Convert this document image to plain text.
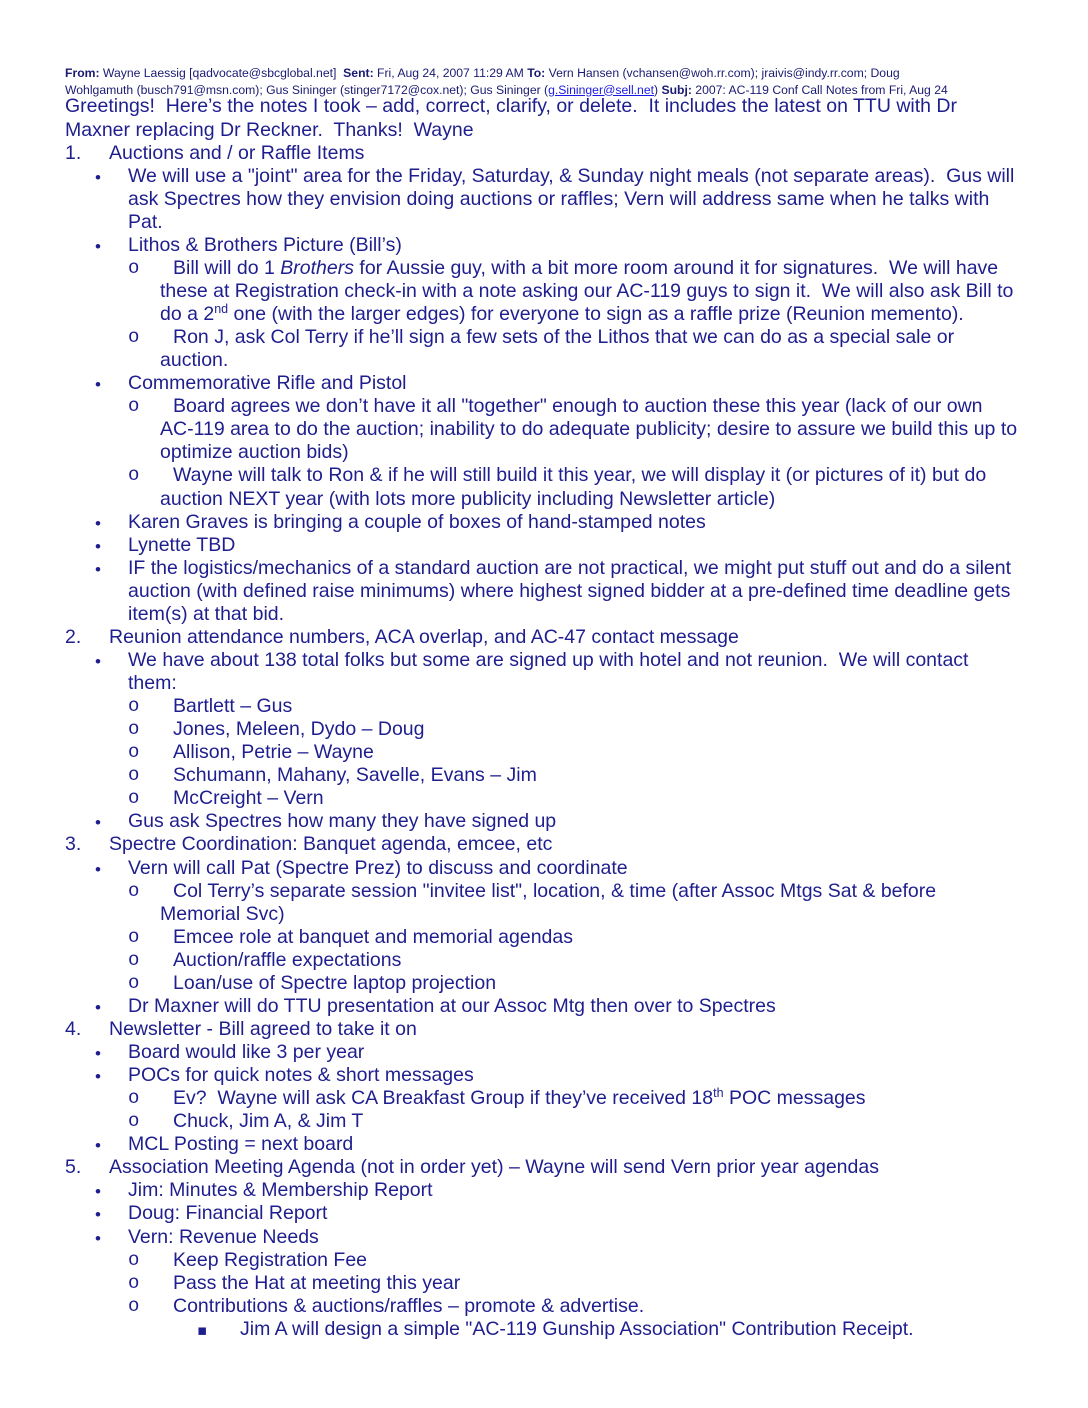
From: Wayne Laessig [qadvocate@sbcglobal.net]  Sent: Fri, Aug 24, 2007 11:29 AM To: Vern Hansen (vchansen@woh.rr.com); jraivis@indy.rr.com; Doug
Wohlgamuth (busch791@msn.com); Gus Sininger (stinger7172@cox.net); Gus Sininger (g.Sininger@sell.net) Subj: 2007: AC-119 Conf Call Notes from Fri, Aug 24
Greetings!  Here’s the notes I took – add, correct, clarify, or delete.  It includes the latest on TTU with Dr
Maxner replacing Dr Reckner.  Thanks!  Wayne
1. Auctions and / or Raffle Items
• We will use a "joint" area for the Friday, Saturday, & Sunday night meals (not separate areas).  Gus will
ask Spectres how they envision doing auctions or raffles; Vern will address same when he talks with
Pat.
• Lithos & Brothers Picture (Bill’s)
o Bill will do 1 Brothers for Aussie guy, with a bit more room around it for signatures.  We will have
these at Registration check-in with a note asking our AC-119 guys to sign it.  We will also ask Bill to
do a 2nd one (with the larger edges) for everyone to sign as a raffle prize (Reunion memento).
o Ron J, ask Col Terry if he’ll sign a few sets of the Lithos that we can do as a special sale or
auction.
• Commemorative Rifle and Pistol
o Board agrees we don’t have it all "together" enough to auction these this year (lack of our own
AC-119 area to do the auction; inability to do adequate publicity; desire to assure we build this up to
optimize auction bids)
o Wayne will talk to Ron & if he will still build it this year, we will display it (or pictures of it) but do
auction NEXT year (with lots more publicity including Newsletter article)
• Karen Graves is bringing a couple of boxes of hand-stamped notes
• Lynette TBD
• IF the logistics/mechanics of a standard auction are not practical, we might put stuff out and do a silent
auction (with defined raise minimums) where highest signed bidder at a pre-defined time deadline gets
item(s) at that bid.
2. Reunion attendance numbers, ACA overlap, and AC-47 contact message
• We have about 138 total folks but some are signed up with hotel and not reunion.  We will contact
them:
o Bartlett – Gus
o Jones, Meleen, Dydo – Doug
o Allison, Petrie – Wayne
o Schumann, Mahany, Savelle, Evans – Jim
o McCreight – Vern
• Gus ask Spectres how many they have signed up
3. Spectre Coordination: Banquet agenda, emcee, etc
• Vern will call Pat (Spectre Prez) to discuss and coordinate
o Col Terry’s separate session "invitee list", location, & time (after Assoc Mtgs Sat & before
Memorial Svc)
o Emcee role at banquet and memorial agendas
o Auction/raffle expectations
o Loan/use of Spectre laptop projection
• Dr Maxner will do TTU presentation at our Assoc Mtg then over to Spectres
4. Newsletter - Bill agreed to take it on
• Board would like 3 per year
• POCs for quick notes & short messages
o Ev?  Wayne will ask CA Breakfast Group if they’ve received 18th POC messages
o Chuck, Jim A, & Jim T
• MCL Posting = next board
5. Association Meeting Agenda (not in order yet) – Wayne will send Vern prior year agendas
• Jim: Minutes & Membership Report
• Doug: Financial Report
• Vern: Revenue Needs
o Keep Registration Fee
o Pass the Hat at meeting this year
o Contributions & auctions/raffles – promote & advertise.
▪ Jim A will design a simple "AC-119 Gunship Association" Contribution Receipt.
